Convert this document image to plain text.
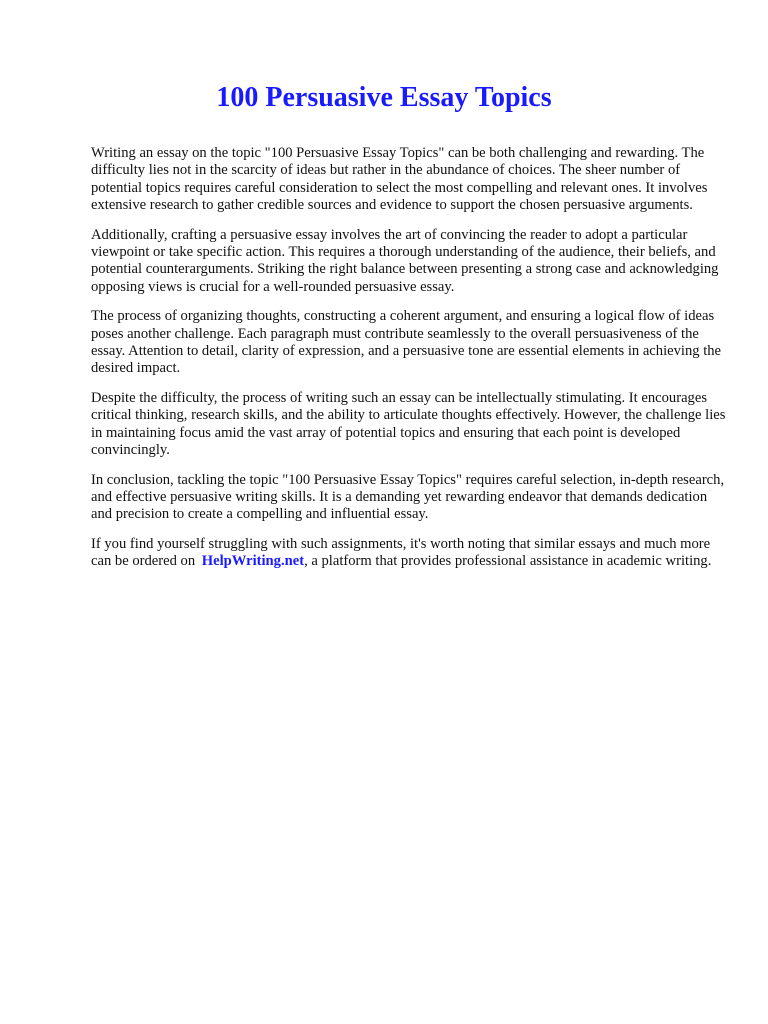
100 Persuasive Essay Topics

Writing an essay on the topic "100 Persuasive Essay Topics" can be both challenging and rewarding. The difficulty lies not in the scarcity of ideas but rather in the abundance of choices. The sheer number of potential topics requires careful consideration to select the most compelling and relevant ones. It involves extensive research to gather credible sources and evidence to support the chosen persuasive arguments.

Additionally, crafting a persuasive essay involves the art of convincing the reader to adopt a particular viewpoint or take specific action. This requires a thorough understanding of the audience, their beliefs, and potential counterarguments. Striking the right balance between presenting a strong case and acknowledging opposing views is crucial for a well-rounded persuasive essay.

The process of organizing thoughts, constructing a coherent argument, and ensuring a logical flow of ideas poses another challenge. Each paragraph must contribute seamlessly to the overall persuasiveness of the essay. Attention to detail, clarity of expression, and a persuasive tone are essential elements in achieving the desired impact.

Despite the difficulty, the process of writing such an essay can be intellectually stimulating. It encourages critical thinking, research skills, and the ability to articulate thoughts effectively. However, the challenge lies in maintaining focus amid the vast array of potential topics and ensuring that each point is developed convincingly.

In conclusion, tackling the topic "100 Persuasive Essay Topics" requires careful selection, in-depth research, and effective persuasive writing skills. It is a demanding yet rewarding endeavor that demands dedication and precision to create a compelling and influential essay.

If you find yourself struggling with such assignments, it's worth noting that similar essays and much more can be ordered on HelpWriting.net, a platform that provides professional assistance in academic writing.
